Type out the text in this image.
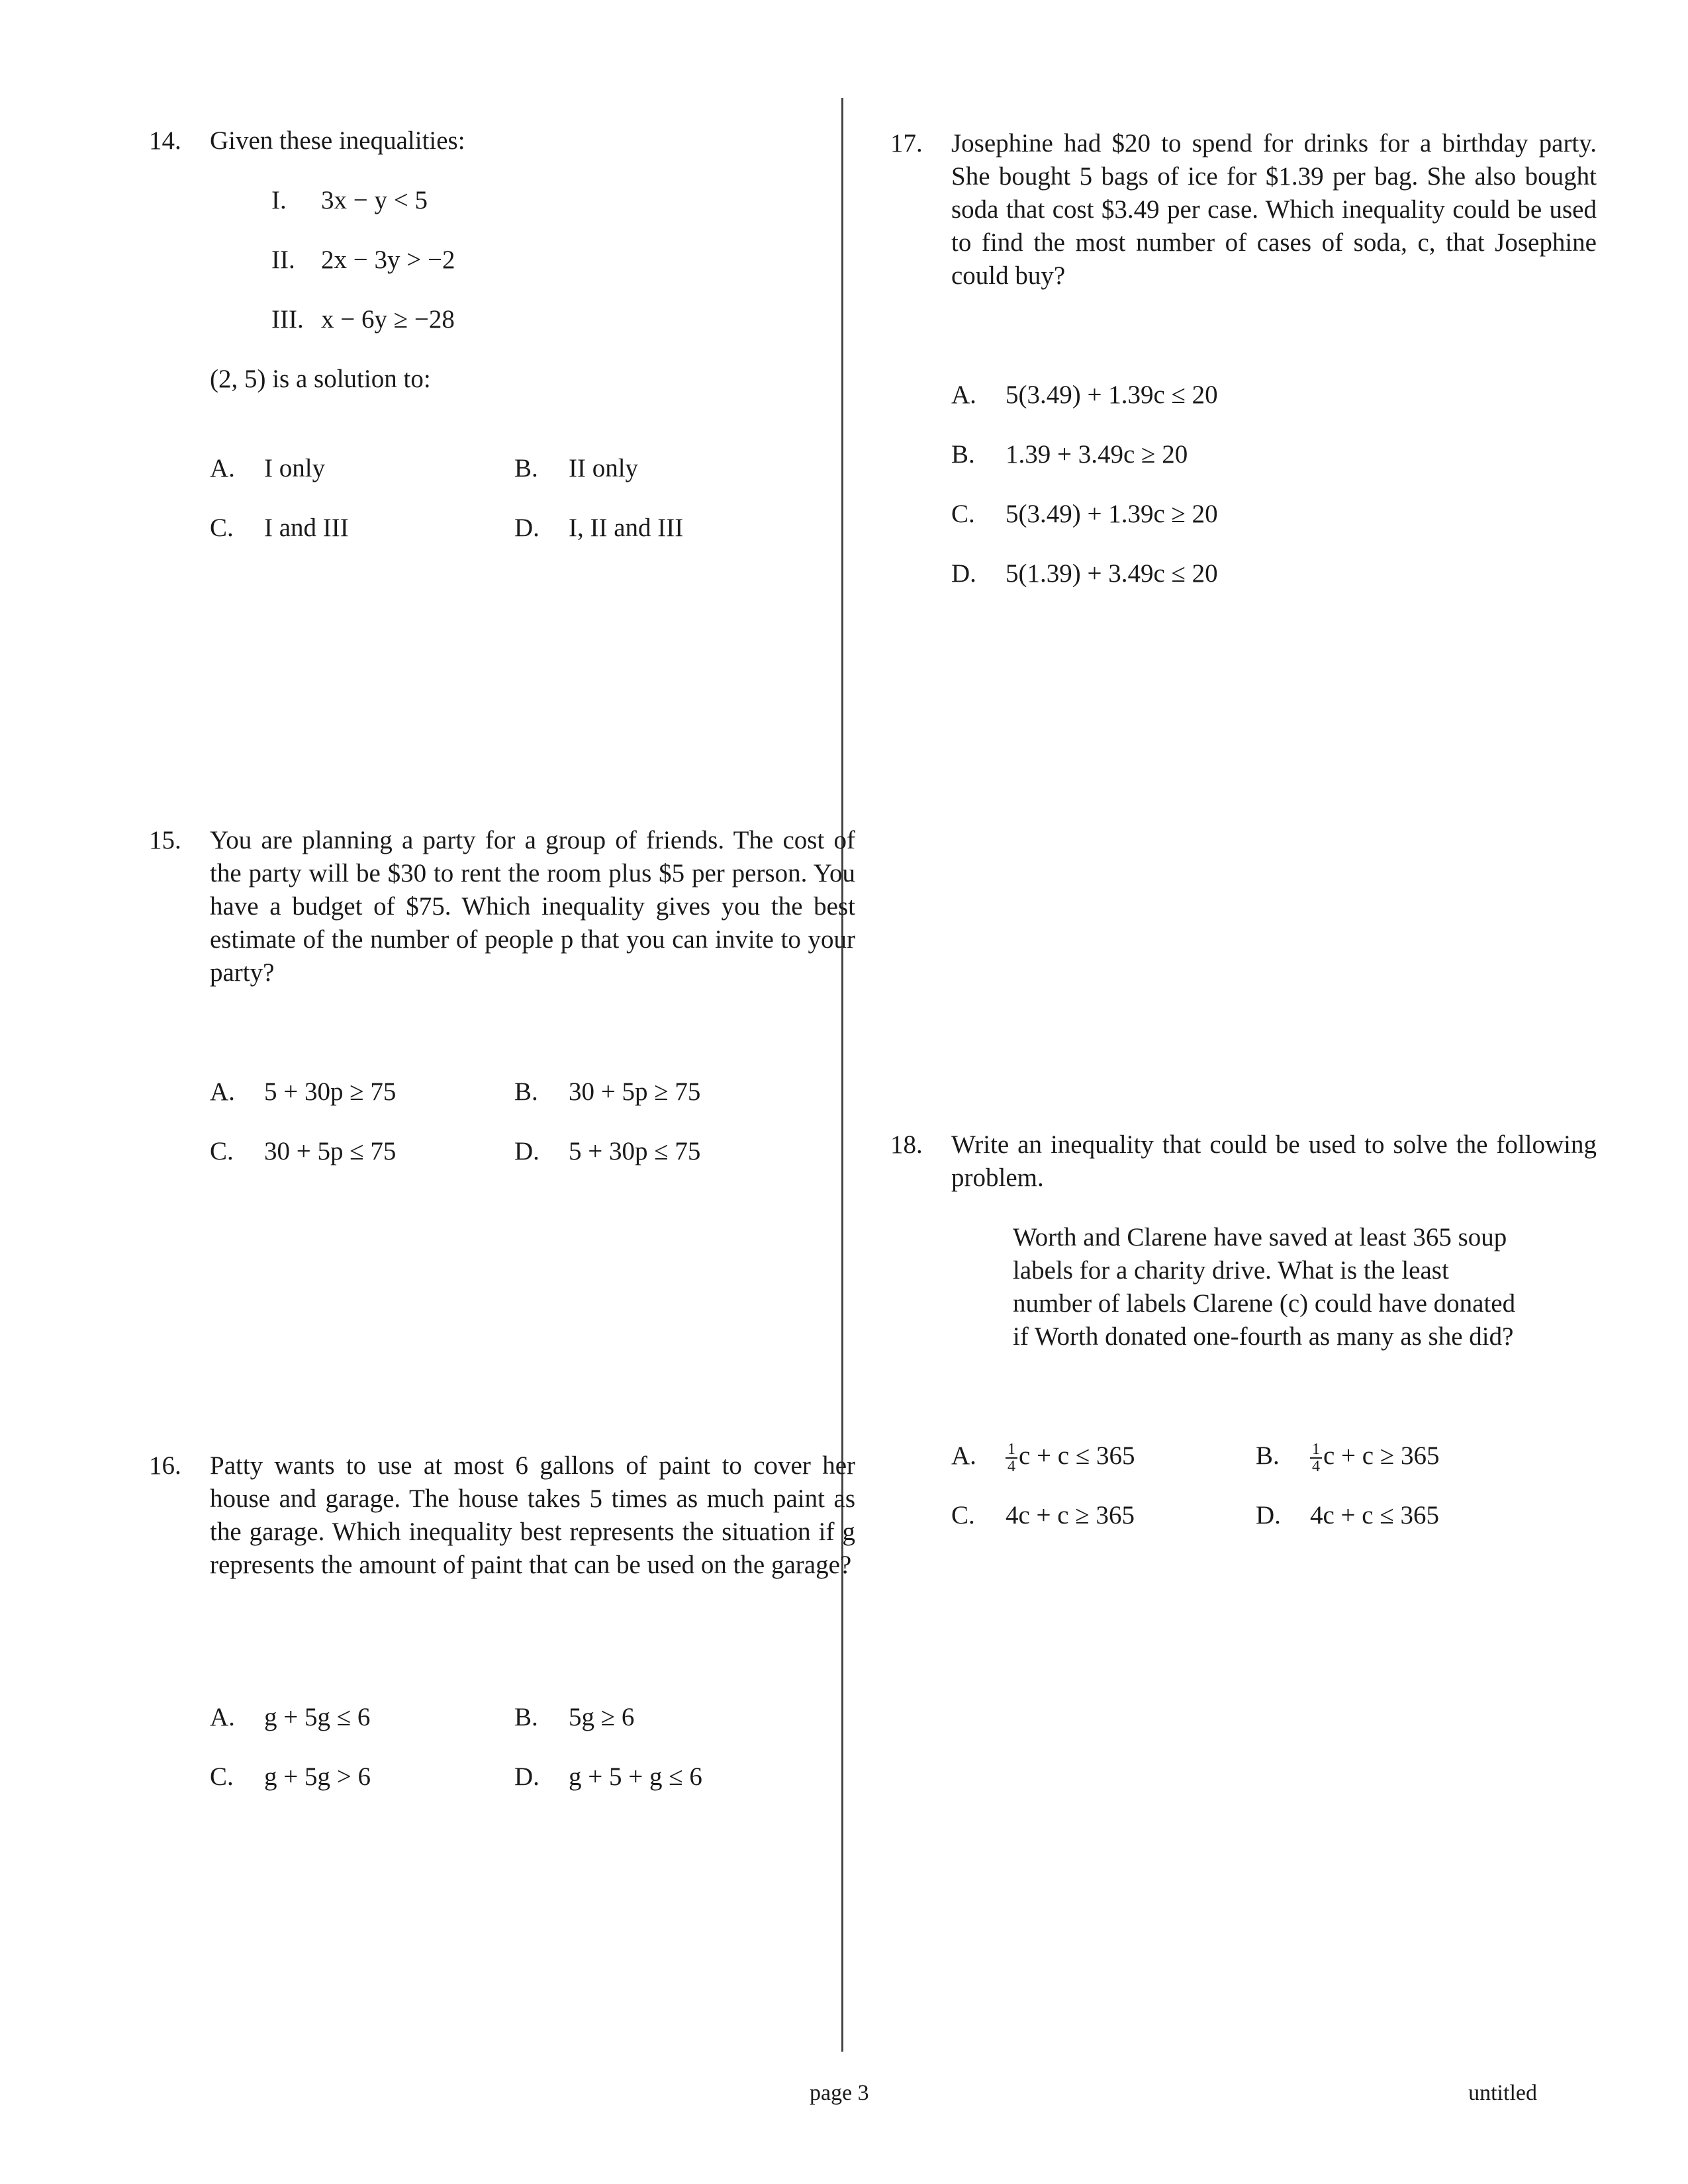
14. Given these inequalities:
I. 3x − y < 5
II. 2x − 3y > −2
III. x − 6y ≥ −28
(2, 5) is a solution to:
A. I only	B. II only
C. I and III	D. I, II and III
15. You are planning a party for a group of friends. The cost of the party will be $30 to rent the room plus $5 per person. You have a budget of $75. Which inequality gives you the best estimate of the number of people p that you can invite to your party?
A. 5 + 30p ≥ 75	B. 30 + 5p ≥ 75
C. 30 + 5p ≤ 75	D. 5 + 30p ≤ 75
16. Patty wants to use at most 6 gallons of paint to cover her house and garage. The house takes 5 times as much paint as the garage. Which inequality best represents the situation if g represents the amount of paint that can be used on the garage?
A. g + 5g ≤ 6	B. 5g ≥ 6
C. g + 5g > 6	D. g + 5 + g ≤ 6
17. Josephine had $20 to spend for drinks for a birthday party. She bought 5 bags of ice for $1.39 per bag. She also bought soda that cost $3.49 per case. Which inequality could be used to find the most number of cases of soda, c, that Josephine could buy?
A. 5(3.49) + 1.39c ≤ 20
B. 1.39 + 3.49c ≥ 20
C. 5(3.49) + 1.39c ≥ 20
D. 5(1.39) + 3.49c ≤ 20
18. Write an inequality that could be used to solve the following problem.
Worth and Clarene have saved at least 365 soup labels for a charity drive. What is the least number of labels Clarene (c) could have donated if Worth donated one-fourth as many as she did?
A. $\frac{1}{4}$ c + c ≤ 365	B. $\frac{1}{4}$ c + c ≥ 365
C. 4c + c ≥ 365	D. 4c + c ≤ 365
page 3	untitled
